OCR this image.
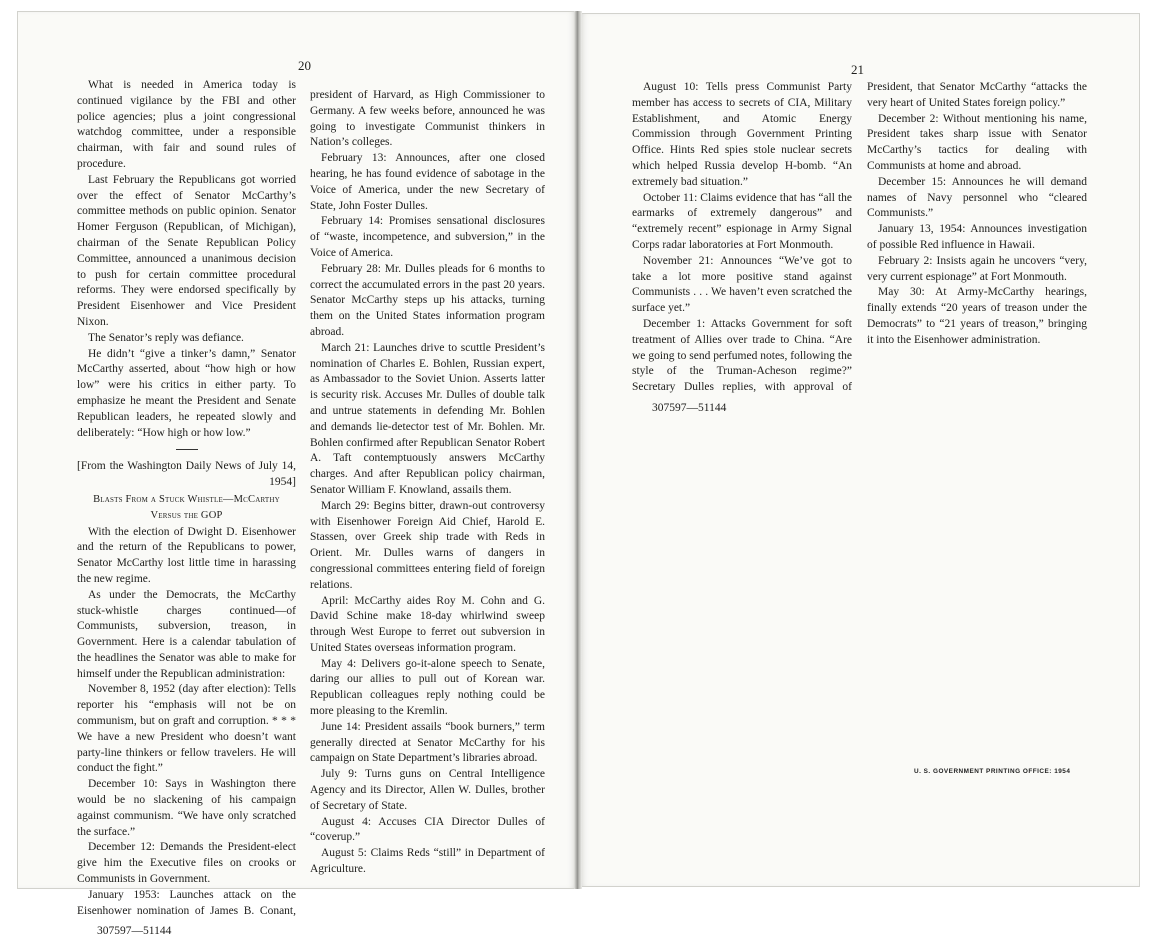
20	21

What is needed in America today is continued vigilance by the FBI and other police agencies; plus a joint congressional watchdog committee, under a responsible chairman, with fair and sound rules of procedure.

Last February the Republicans got worried over the effect of Senator McCarthy’s committee methods on public opinion. Senator Homer Ferguson (Republican, of Michigan), chairman of the Senate Republican Policy Committee, announced a unanimous decision to push for certain committee procedural reforms. They were endorsed specifically by President Eisenhower and Vice President Nixon.

The Senator’s reply was defiance.

He didn’t “give a tinker’s damn,” Senator McCarthy asserted, about “how high or how low” were his critics in either party. To emphasize he meant the President and Senate Republican leaders, he repeated slowly and deliberately: “How high or how low.”

[From the Washington Daily News of July 14, 1954]

Blasts From a Stuck Whistle—McCarthy Versus the GOP

With the election of Dwight D. Eisenhower and the return of the Republicans to power, Senator McCarthy lost little time in harassing the new regime.

As under the Democrats, the McCarthy stuck-whistle charges continued—of Communists, subversion, treason, in Government. Here is a calendar tabulation of the headlines the Senator was able to make for himself under the Republican administration:

November 8, 1952 (day after election): Tells reporter his “emphasis will not be on communism, but on graft and corruption. * * * We have a new President who doesn’t want party-line thinkers or fellow travelers. He will conduct the fight.”

December 10: Says in Washington there would be no slackening of his campaign against communism. “We have only scratched the surface.”

December 12: Demands the President-elect give him the Executive files on crooks or Communists in Government.

January 1953: Launches attack on the Eisenhower nomination of James B. Conant,

307597—51144

president of Harvard, as High Commissioner to Germany. A few weeks before, announced he was going to investigate Communist thinkers in Nation’s colleges.

February 13: Announces, after one closed hearing, he has found evidence of sabotage in the Voice of America, under the new Secretary of State, John Foster Dulles.

February 14: Promises sensational disclosures of “waste, incompetence, and subversion,” in the Voice of America.

February 28: Mr. Dulles pleads for 6 months to correct the accumulated errors in the past 20 years. Senator McCarthy steps up his attacks, turning them on the United States information program abroad.

March 21: Launches drive to scuttle President’s nomination of Charles E. Bohlen, Russian expert, as Ambassador to the Soviet Union. Asserts latter is security risk. Accuses Mr. Dulles of double talk and untrue statements in defending Mr. Bohlen and demands lie-detector test of Mr. Bohlen. Mr. Bohlen confirmed after Republican Senator Robert A. Taft contemptuously answers McCarthy charges. And after Republican policy chairman, Senator William F. Knowland, assails them.

March 29: Begins bitter, drawn-out controversy with Eisenhower Foreign Aid Chief, Harold E. Stassen, over Greek ship trade with Reds in Orient. Mr. Dulles warns of dangers in congressional committees entering field of foreign relations.

April: McCarthy aides Roy M. Cohn and G. David Schine make 18-day whirlwind sweep through West Europe to ferret out subversion in United States overseas information program.

May 4: Delivers go-it-alone speech to Senate, daring our allies to pull out of Korean war. Republican colleagues reply nothing could be more pleasing to the Kremlin.

June 14: President assails “book burners,” term generally directed at Senator McCarthy for his campaign on State Department’s libraries abroad.

July 9: Turns guns on Central Intelligence Agency and its Director, Allen W. Dulles, brother of Secretary of State.

August 4: Accuses CIA Director Dulles of “coverup.”

August 5: Claims Reds “still” in Department of Agriculture.

August 10: Tells press Communist Party member has access to secrets of CIA, Military Establishment, and Atomic Energy Commission through Government Printing Office. Hints Red spies stole nuclear secrets which helped Russia develop H-bomb. “An extremely bad situation.”

October 11: Claims evidence that has “all the earmarks of extremely dangerous” and “extremely recent” espionage in Army Signal Corps radar laboratories at Fort Monmouth.

November 21: Announces “We’ve got to take a lot more positive stand against Communists . . . We haven’t even scratched the surface yet.”

December 1: Attacks Government for soft treatment of Allies over trade to China. “Are we going to send perfumed notes, following the style of the Truman-Acheson regime?” Secretary Dulles replies, with approval of

307597—51144

President, that Senator McCarthy “attacks the very heart of United States foreign policy.”

December 2: Without mentioning his name, President takes sharp issue with Senator McCarthy’s tactics for dealing with Communists at home and abroad.

December 15: Announces he will demand names of Navy personnel who “cleared Communists.”

January 13, 1954: Announces investigation of possible Red influence in Hawaii.

February 2: Insists again he uncovers “very, very current espionage” at Fort Monmouth.

May 30: At Army-McCarthy hearings, finally extends “20 years of treason under the Democrats” to “21 years of treason,” bringing it into the Eisenhower administration.

U. S. GOVERNMENT PRINTING OFFICE: 1954
